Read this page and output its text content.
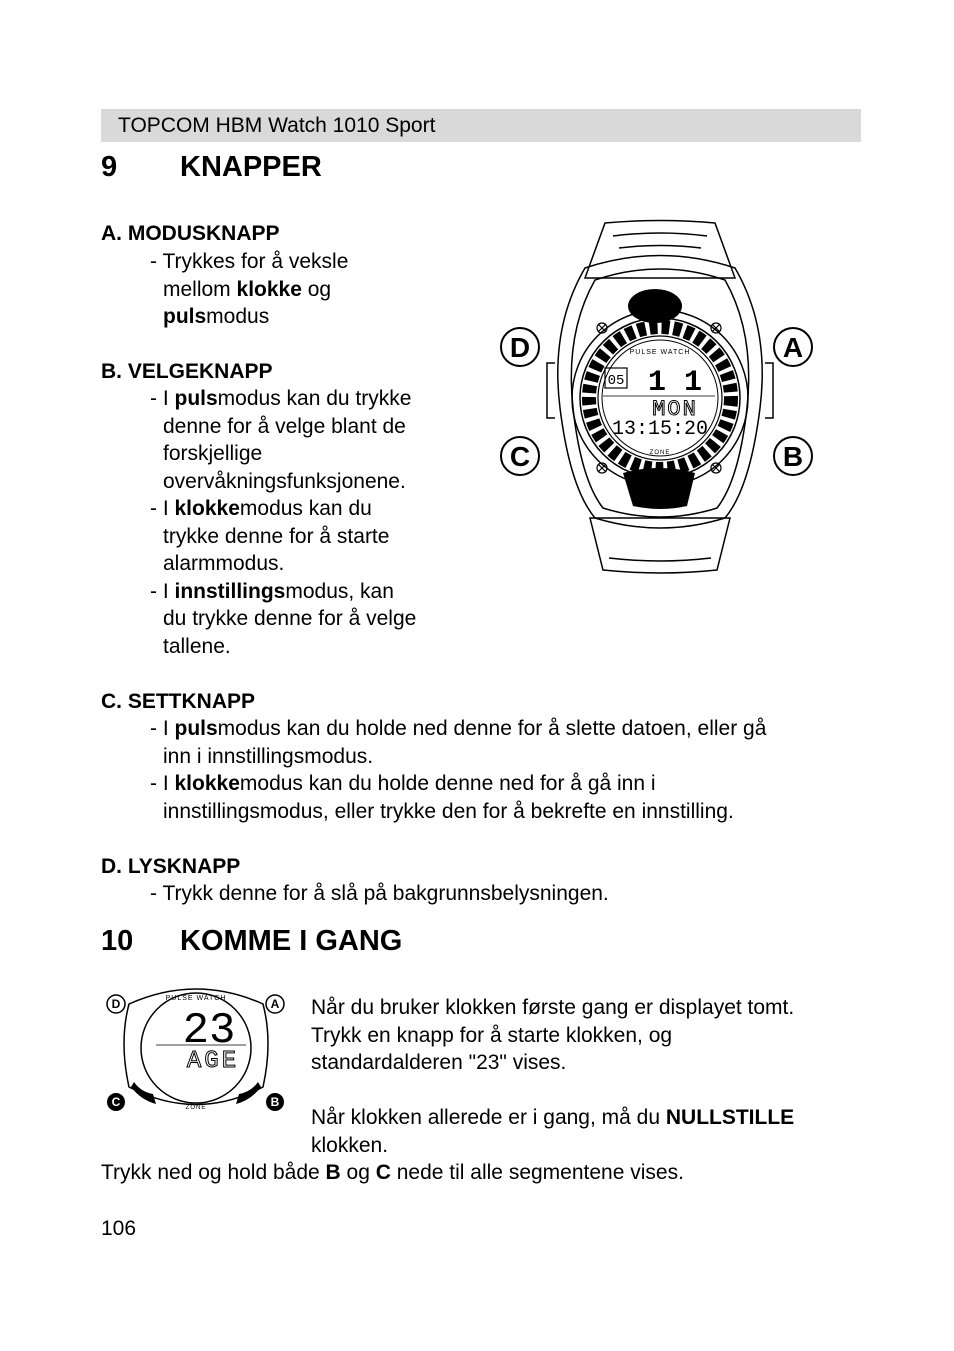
TOPCOM HBM Watch 1010 Sport
9 KNAPPER
A. MODUSKNAPP
- Trykkes for å veksle
mellom klokke og
pulsmodus
B. VELGEKNAPP
- I pulsmodus kan du trykke
denne for å velge blant de
forskjellige
overvåkningsfunksjonene.
- I klokkemodus kan du
trykke denne for å starte
alarmmodus.
- I innstillingsmodus, kan
du trykke denne for å velge
tallene.
PULSE WATCH
05 1 1
MON
13:15:20
ZONE
D	A
C	B
C. SETTKNAPP
- I pulsmodus kan du holde ned denne for å slette datoen, eller gå
inn i innstillingsmodus.
- I klokkemodus kan du holde denne ned for å gå inn i
innstillingsmodus, eller trykke den for å bekrefte en innstilling.
D. LYSKNAPP
- Trykk denne for å slå på bakgrunnsbelysningen.
10 KOMME I GANG
PULSE WATCH
23
AGE
ZONE
D	A
C	B
Når du bruker klokken første gang er displayet tomt.
Trykk en knapp for å starte klokken, og
standardalderen "23" vises.
Når klokken allerede er i gang, må du NULLSTILLE
klokken.
Trykk ned og hold både B og C nede til alle segmentene vises.
106
